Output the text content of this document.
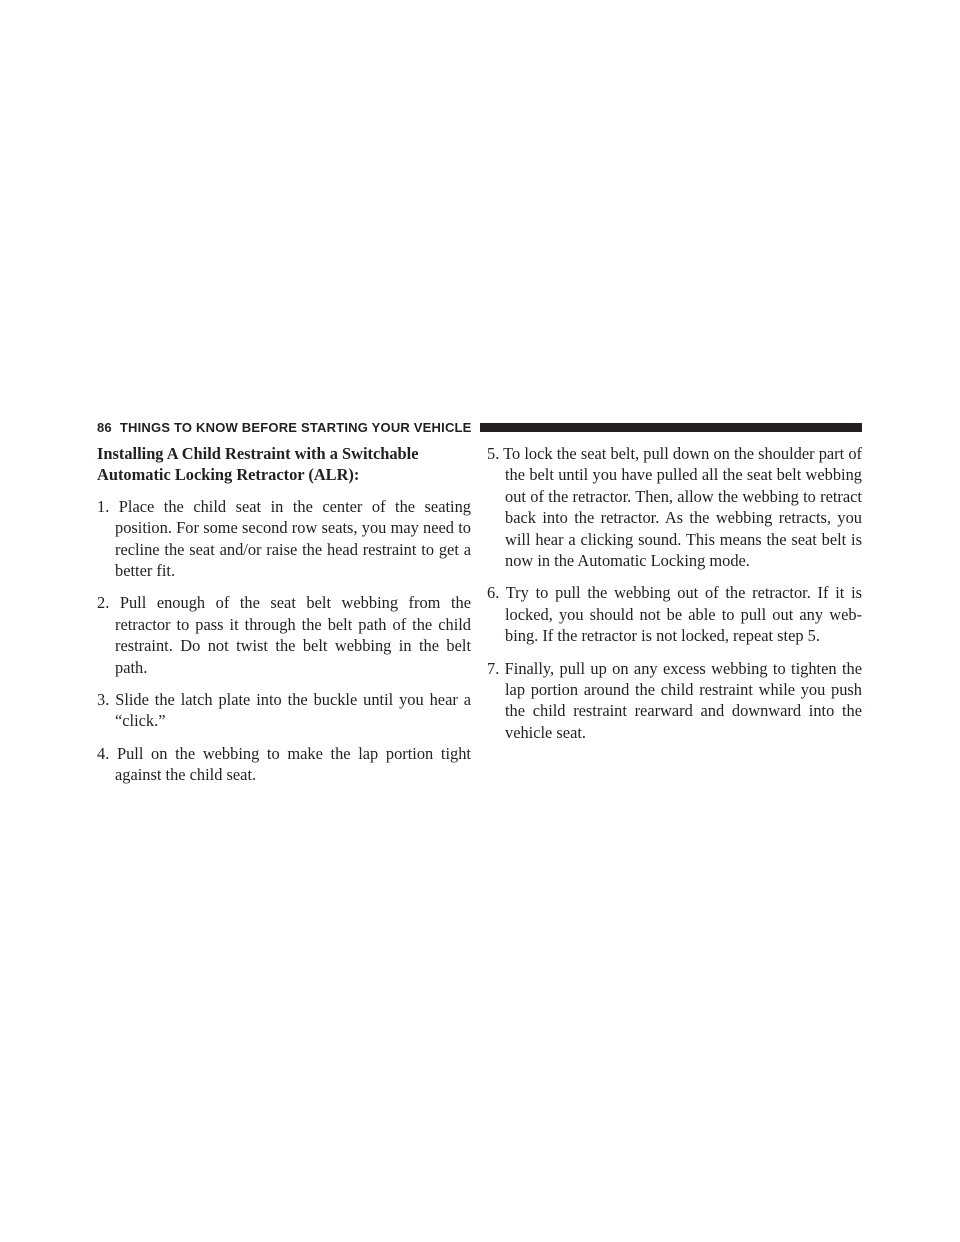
86 THINGS TO KNOW BEFORE STARTING YOUR VEHICLE
Installing A Child Restraint with a Switchable Automatic Locking Retractor (ALR):
1. Place the child seat in the center of the seating position. For some second row seats, you may need to recline the seat and/or raise the head restraint to get a better fit.
2. Pull enough of the seat belt webbing from the retractor to pass it through the belt path of the child restraint. Do not twist the belt webbing in the belt path.
3. Slide the latch plate into the buckle until you hear a “click.”
4. Pull on the webbing to make the lap portion tight against the child seat.
5. To lock the seat belt, pull down on the shoulder part of the belt until you have pulled all the seat belt webbing out of the retractor. Then, allow the webbing to retract back into the retractor. As the webbing retracts, you will hear a clicking sound. This means the seat belt is now in the Automatic Locking mode.
6. Try to pull the webbing out of the retractor. If it is locked, you should not be able to pull out any web-bing. If the retractor is not locked, repeat step 5.
7. Finally, pull up on any excess webbing to tighten the lap portion around the child restraint while you push the child restraint rearward and downward into the vehicle seat.
